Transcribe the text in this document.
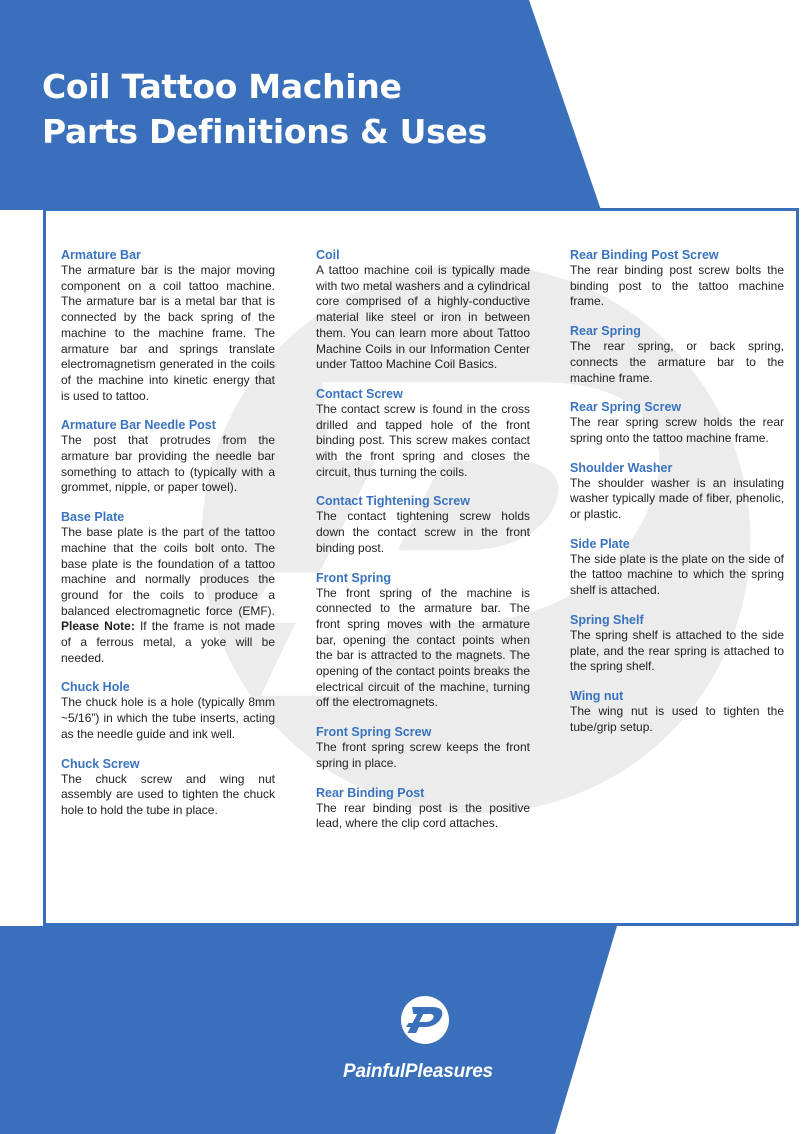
Coil Tattoo Machine
Parts Definitions & Uses

Armature Bar

The armature bar is the major moving component on a coil tattoo machine. The armature bar is a metal bar that is connected by the back spring of the machine to the machine frame. The armature bar and springs translate electromagnetism generated in the coils of the machine into kinetic energy that is used to tattoo.

Armature Bar Needle Post

The post that protrudes from the armature bar providing the needle bar something to attach to (typically with a grommet, nipple, or paper towel).

Base Plate

The base plate is the part of the tattoo machine that the coils bolt onto. The base plate is the foundation of a tattoo machine and normally produces the ground for the coils to produce a balanced electromagnetic force (EMF). Please Note: If the frame is not made of a ferrous metal, a yoke will be needed.

Chuck Hole

The chuck hole is a hole (typically 8mm ~5/16”) in which the tube inserts, acting as the needle guide and ink well.

Chuck Screw

The chuck screw and wing nut assembly are used to tighten the chuck hole to hold the tube in place.

Coil

A tattoo machine coil is typically made with two metal washers and a cylindrical core comprised of a highly-conductive material like steel or iron in between them. You can learn more about Tattoo Machine Coils in our Information Center under Tattoo Machine Coil Basics.

Contact Screw

The contact screw is found in the cross drilled and tapped hole of the front binding post. This screw makes contact with the front spring and closes the circuit, thus turning the coils.

Contact Tightening Screw

The contact tightening screw holds down the contact screw in the front binding post.

Front Spring

The front spring of the machine is connected to the armature bar. The front spring moves with the armature bar, opening the contact points when the bar is attracted to the magnets. The opening of the contact points breaks the electrical circuit of the machine, turning off the electromagnets.

Front Spring Screw

The front spring screw keeps the front spring in place.

Rear Binding Post

The rear binding post is the positive lead, where the clip cord attaches.

Rear Binding Post Screw

The rear binding post screw bolts the binding post to the tattoo machine frame.

Rear Spring

The rear spring, or back spring, connects the armature bar to the machine frame.

Rear Spring Screw

The rear spring screw holds the rear spring onto the tattoo machine frame.

Shoulder Washer

The shoulder washer is an insulating washer typically made of fiber, phenolic, or plastic.

Side Plate

The side plate is the plate on the side of the tattoo machine to which the spring shelf is attached.

Spring Shelf

The spring shelf is attached to the side plate, and the rear spring is attached to the spring shelf.

Wing nut

The wing nut is used to tighten the tube/grip setup.

PainfulPleasures
